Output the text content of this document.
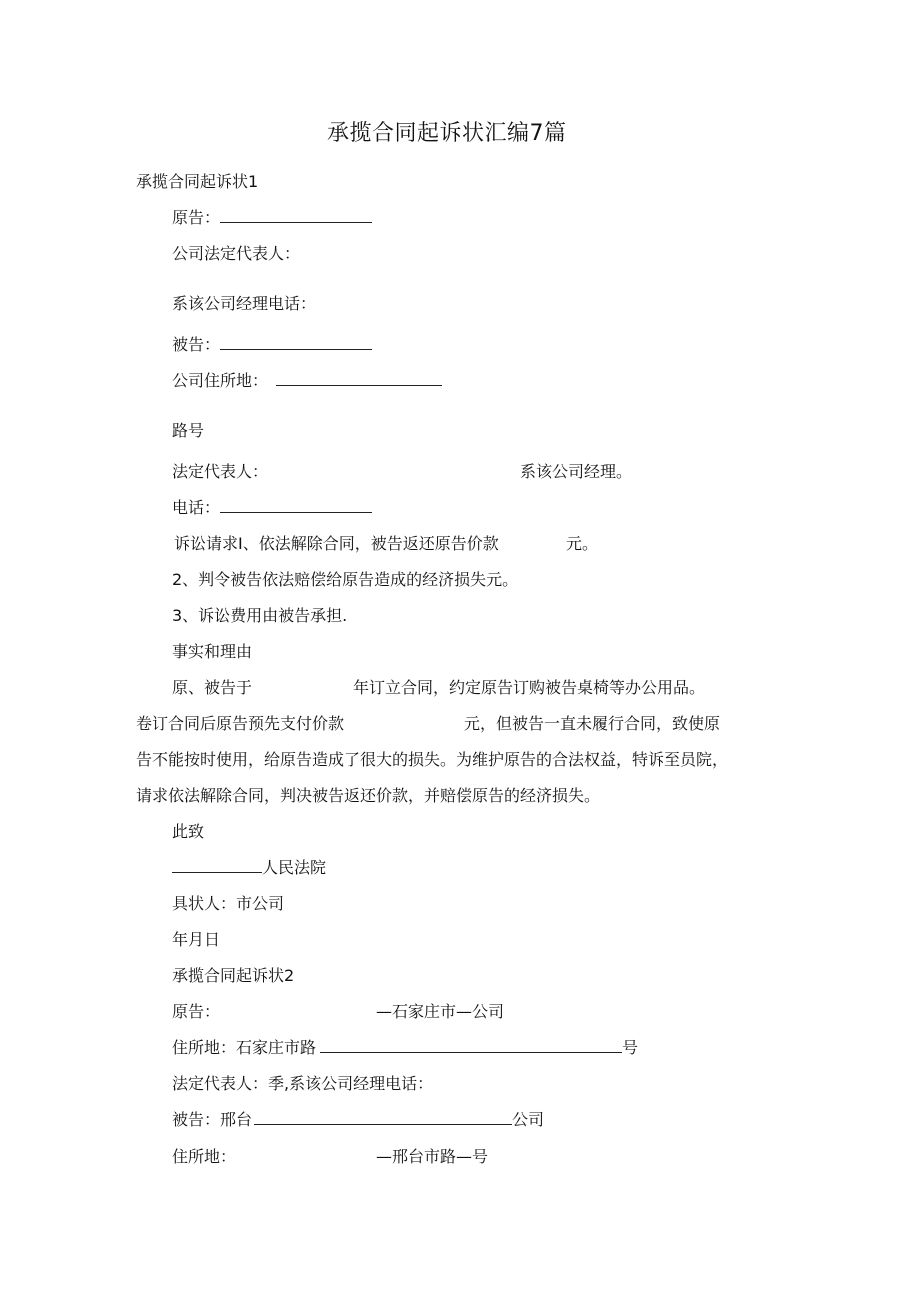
承揽合同起诉状汇编7篇
承揽合同起诉状1
原告：
公司法定代表人：
系该公司经理电话：
被告：
公司住所地：
路号
法定代表人：	系该公司经理。
电话：
诉讼请求I、依法解除合同，被告返还原告价款	元。
2、判令被告依法赔偿给原告造成的经济损失元。
3、诉讼费用由被告承担.
事实和理由
原、被告于	年订立合同，约定原告订购被告桌椅等办公用品。
卷订合同后原告预先支付价款	元，但被告一直未履行合同，致使原
告不能按时使用，给原告造成了很大的损失。为维护原告的合法权益，特诉至员院，
请求依法解除合同，判决被告返还价款，并赔偿原告的经济损失。
此致
人民法院
具状人：市公司
年月日
承揽合同起诉状2
原告：	—石家庄市—公司
住所地：石家庄市路	号
法定代表人：季,系该公司经理电话：
被告：邢台	公司
住所地：	—邢台市路—号
